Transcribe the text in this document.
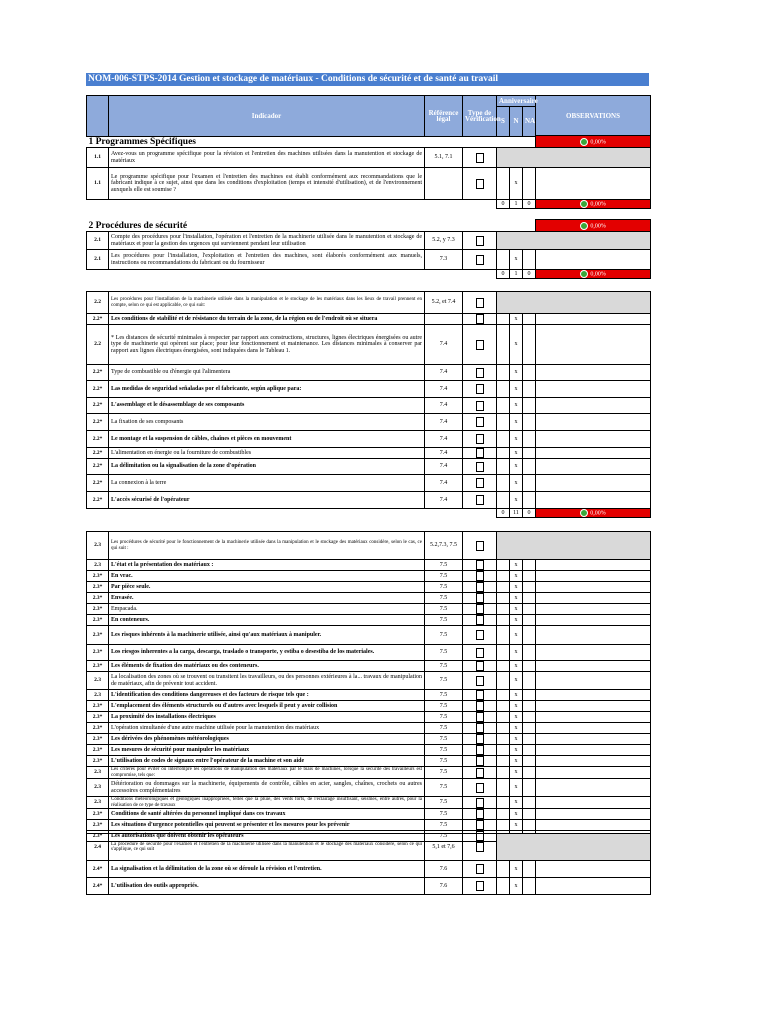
NOM-006-STPS-2014 Gestion et stockage de matériaux - Conditions de sécurité et de santé au travail
	Indicador	Référence légal	Type de Vérification	Anniversaire			OBSERVATIONS
				S	N	NA	
1 Programmes Spécifiques							0,00%
1.1	Avez-vous un programme spécifique pour la révision et l'entretien des machines utilisées dans la manutention et stockage de matériaux	5.1, 7.1					
1.1	Le programme spécifique pour l'examen et l'entretien des machines est établi conformément aux recommandations que le fabricant indique à ce sujet, ainsi que dans les conditions d'exploitation (temps et intensité d'utilisation), et de l'environnement auxquels elle est soumise ?				x		
				0	1	0	0,00%
2 Procédures de sécurité							0,00%
2.1	Compte des procédures pour l'installation, l'opération et l'entretien de la machinerie utilisée dans le manutention et stockage de matériaux et pour la gestion des urgences qui surviennent pendant leur utilisation	5.2, y 7.3					
2.1	Les procédures pour l'installation, l'exploitation et l'entretien des machines, sont élaborés conformément aux manuels, instructions ou recommandations du fabricant ou du fournisseur	7.3			x		
				0	1	0	0,00%
2.2	Les procédures pour l'installation de la machinerie utilisée dans la manipulation et le stockage de les matériaux dans les lieux de travail prennent en compte, selon ce qui est applicable, ce qui suit:	5.2, et 7.4					
2.2*	Les conditions de stabilité et de résistance du terrain de la zone, de la région ou de l'endroit où se situera				x		
2.2	* Les distances de sécurité minimales à respecter par rapport aux constructions, structures, lignes électriques énergisées ou autre type de machinerie qui opèrent sur place; pour leur fonctionnement et maintenance. Les distances minimales à conserver par rapport aux lignes électriques énergisées, sont indiquées dans le Tableau 1.	7.4			x		
2.2*	Type de combustible ou d'énergie qui l'alimentera	7.4			x		
2.2*	Las medidas de seguridad señaladas por el fabricante, según aplique para:	7.4			x		
2.2*	L'assemblage et le désassemblage de ses composants	7.4			x		
2.2*	La fixation de ses composants	7.4			x		
2.2*	Le montage et la suspension de câbles, chaînes et pièces en mouvement	7.4			x		
2.2*	L'alimentation en énergie ou la fourniture de combustibles	7.4			x		
2.2*	La délimitation ou la signalisation de la zone d'opération	7.4			x		
2.2*	La connexion à la terre	7.4			x		
2.2*	L'accès sécurisé de l'opérateur	7.4			x		
				0	11	0	0,00%
2.3	Les procédures de sécurité pour le fonctionnement de la machinerie utilisée dans la manipulation et le stockage des matériaux considère, selon le cas, ce qui suit :	5.2,7.3, 7.5					
2.3	L'état et la présentation des matériaux :	7.5			x		
2.3*	En vrac.	7.5			x		
2.3*	Par pièce seule.	7.5			x		
2.3*	Envasée.	7.5			x		
2.3*	Empacada.	7.5			x		
2.3*	En conteneurs.	7.5			x		
2.3*	Les risques inhérents à la machinerie utilisée, ainsi qu'aux matériaux à manipuler.	7.5			x		
2.3*	Los riesgos inherentes a la carga, descarga, traslado o transporte, y estiba o desestiba de los materiales.	7.5			x		
2.3*	Les éléments de fixation des matériaux ou des conteneurs.	7.5			x		
2.3	La localisation des zones où se trouvent ou transitent les travailleurs, ou des personnes extérieures à la... travaux de manipulation de matériaux, afin de prévenir tout accident.	7.5			x		
2.3	L'identification des conditions dangereuses et des facteurs de risque tels que :	7.5			x		
2.3*	L'emplacement des éléments structurels ou d'autres avec lesquels il peut y avoir collision	7.5			x		
2.3*	La proximité des installations électriques	7.5			x		
2.3*	L'opération simultanée d'une autre machine utilisée pour la manutention des matériaux	7.5			x		
2.3*	Les dérivées des phénomènes météorologiques	7.5			x		
2.3*	Les mesures de sécurité pour manipuler les matériaux	7.5			x		
2.3*	L'utilisation de codes de signaux entre l'opérateur de la machine et son aide	7.5			x		
2.3	Les critères pour éviter ou interrompre les opérations de manipulation des matériaux par le biais de machines, lorsque la sécurité des travailleurs est compromise, tels que:	7.5			x		
2.3	Détérioration ou dommages sur la machinerie, équipements de contrôle, câbles en acier, sangles, chaînes, crochets ou autres accessoires complémentaires	7.5			x		
2.3	Conditions météorologiques et géologiques inappropriées, telles que la pluie, des vents forts, de l'éclairage insuffisant, séismes, entre autres, pour la réalisation de ce type de travaux	7.5			x		
2.3*	Conditions de santé altérées du personnel impliqué dans ces travaux	7.5			x		
2.3*	Les situations d'urgence potentielles qui peuvent se présenter et les mesures pour les prévenir	7.5			x		
2.3*	Les autorisations que doivent obtenir les opérateurs	7.5					

2.4	La procédure de sécurité pour l'examen et l'entretien de la machinerie utilisée dans la manutention et le stockage des matériaux considère, selon ce qui s'applique, ce qui suit	5,1 et 7,6					
2.4*	La signalisation et la délimitation de la zone où se déroule la révision et l'entretien.	7.6			x		
2.4*	L'utilisation des outils appropriés.	7.6			x		
